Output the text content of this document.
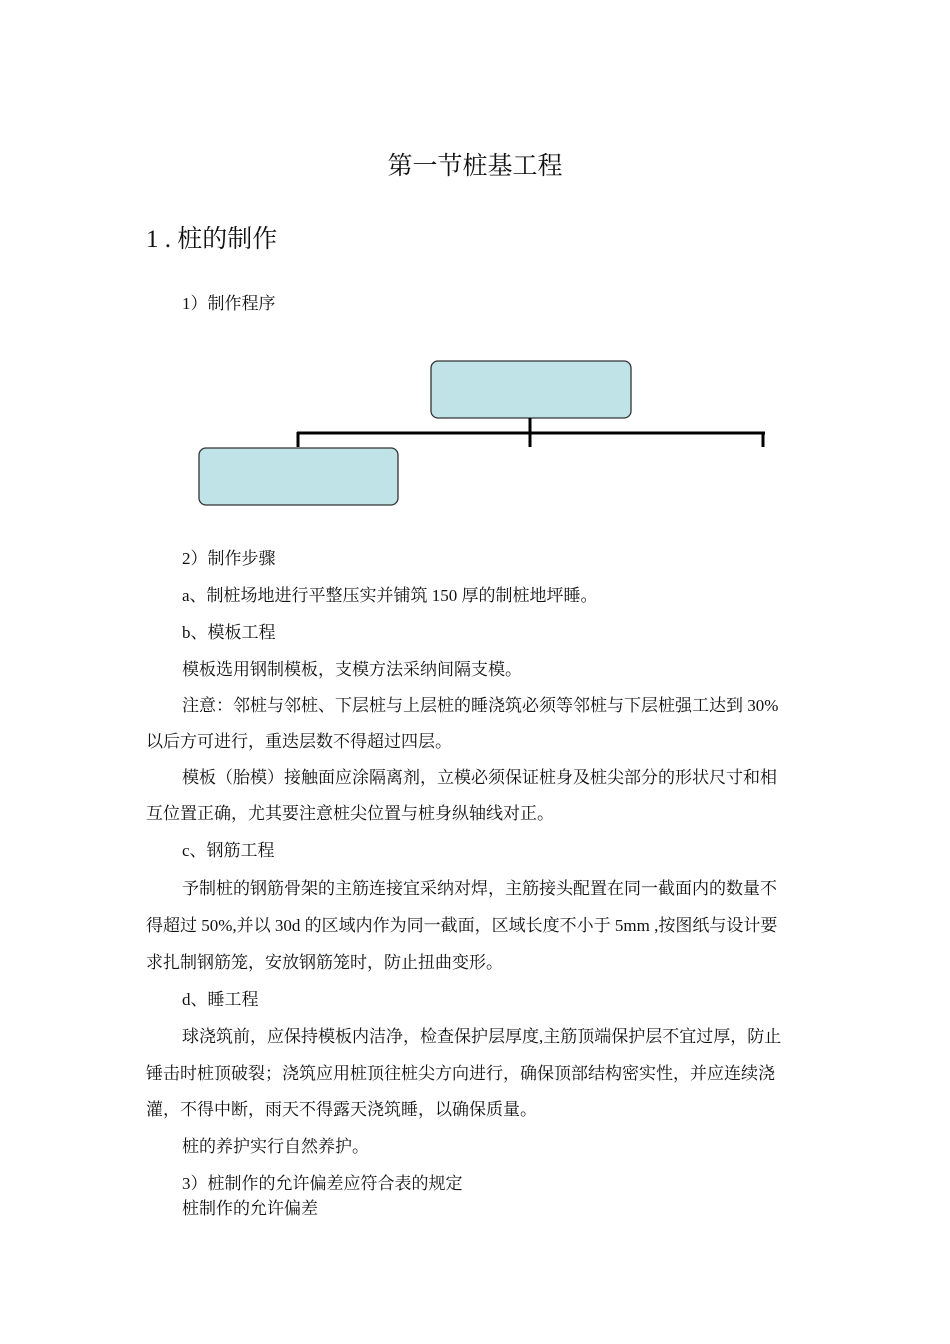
第一节桩基工程
1 . 桩的制作
1）制作程序
2）制作步骤
a、制桩场地进行平整压实并铺筑 150 厚的制桩地坪睡。
b、模板工程
模板选用钢制模板，支模方法采纳间隔支模。
注意：邻桩与邻桩、下层桩与上层桩的睡浇筑必须等邻桩与下层桩强工达到 30%
以后方可进行，重迭层数不得超过四层。
模板（胎模）接触面应涂隔离剂，立模必须保证桩身及桩尖部分的形状尺寸和相
互位置正确，尤其要注意桩尖位置与桩身纵轴线对正。
c、钢筋工程
予制桩的钢筋骨架的主筋连接宜采纳对焊，主筋接头配置在同一截面内的数量不
得超过 50%,并以 30d 的区域内作为同一截面，区域长度不小于 5mm ,按图纸与设计要
求扎制钢筋笼，安放钢筋笼时，防止扭曲变形。
d、睡工程
球浇筑前，应保持模板内洁净，检查保护层厚度,主筋顶端保护层不宜过厚，防止
锤击时桩顶破裂；浇筑应用桩顶往桩尖方向进行，确保顶部结构密实性，并应连续浇
灌，不得中断，雨天不得露天浇筑睡，以确保质量。
桩的养护实行自然养护。
3）桩制作的允许偏差应符合表的规定
桩制作的允许偏差
